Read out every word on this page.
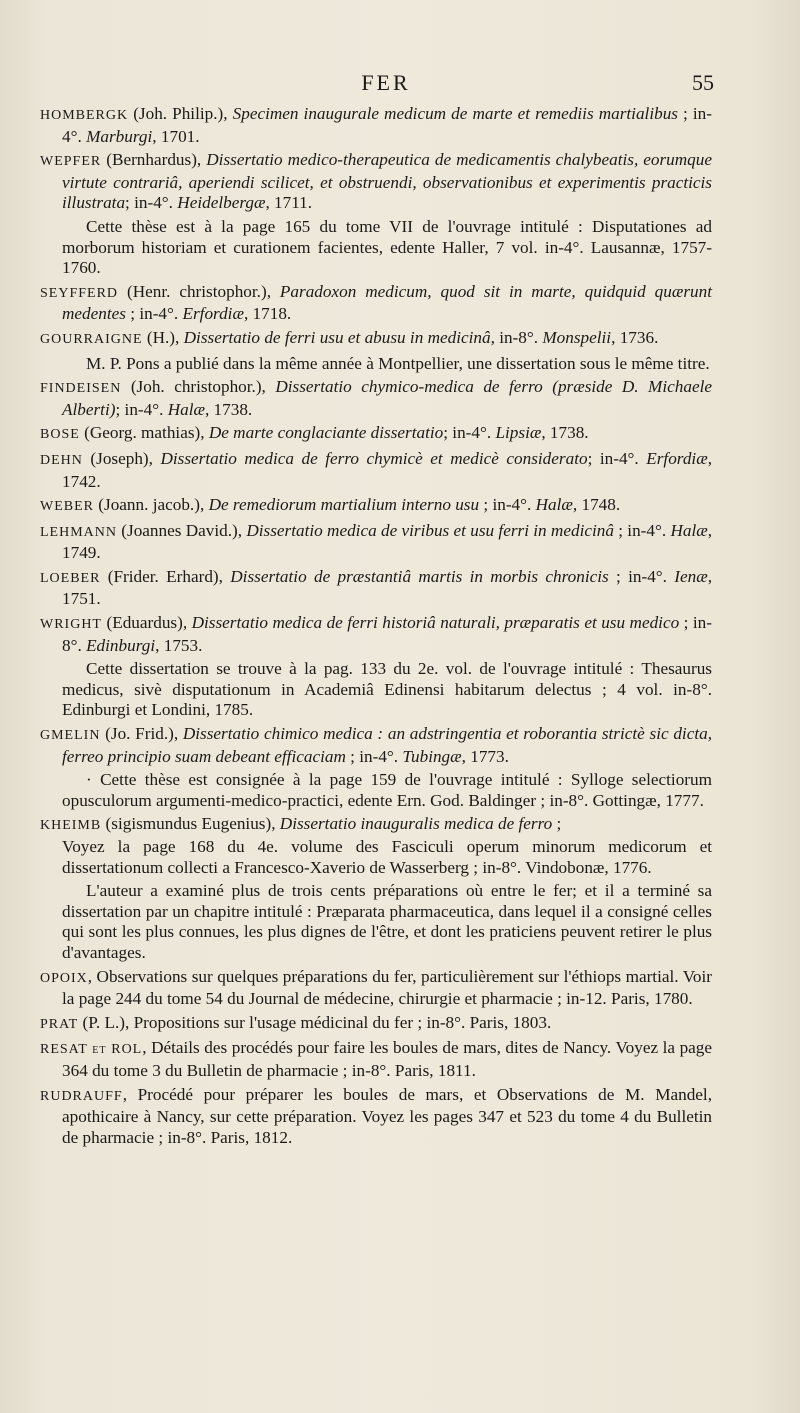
FER	55

HOMBERGK (Joh. Philip.), Specimen inaugurale medicum de marte et remediis martialibus ; in-4°. Marburgi, 1701.

WEPFER (Bernhardus), Dissertatio medico-therapeutica de medicamentis chalybeatis, eorumque virtute contrariâ, aperiendi scilicet, et obstruendi, observationibus et experimentis practicis illustrata; in-4°. Heidelbergæ, 1711.

Cette thèse est à la page 165 du tome VII de l'ouvrage intitulé : Disputationes ad morborum historiam et curationem facientes, edente Haller, 7 vol. in-4°. Lausannæ, 1757-1760.

SEYFFERD (Henr. christophor.), Paradoxon medicum, quod sit in marte, quidquid quærunt medentes ; in-4°. Erfordiæ, 1718.

GOURRAIGNE (H.), Dissertatio de ferri usu et abusu in medicinâ, in-8°. Monspelii, 1736.

M. P. Pons a publié dans la même année à Montpellier, une dissertation sous le même titre.

FINDEISEN (Joh. christophor.), Dissertatio chymico-medica de ferro (præside D. Michaele Alberti); in-4°. Halæ, 1738.

BOSE (Georg. mathias), De marte conglaciante dissertatio; in-4°. Lipsiæ, 1738.

DEHN (Joseph), Dissertatio medica de ferro chymicè et medicè considerato; in-4°. Erfordiæ, 1742.

WEBER (Joann. jacob.), De remediorum martialium interno usu ; in-4°. Halæ, 1748.

LEHMANN (Joannes David.), Dissertatio medica de viribus et usu ferri in medicinâ ; in-4°. Halæ, 1749.

LOEBER (Frider. Erhard), Dissertatio de præstantiâ martis in morbis chronicis ; in-4°. Ienæ, 1751.

WRIGHT (Eduardus), Dissertatio medica de ferri historiâ naturali, præparatis et usu medico ; in-8°. Edinburgi, 1753.

Cette dissertation se trouve à la pag. 133 du 2e. vol. de l'ouvrage intitulé : Thesaurus medicus, sivè disputationum in Academiâ Edinensi habitarum delectus ; 4 vol. in-8°. Edinburgi et Londini, 1785.

GMELIN (Jo. Frid.), Dissertatio chimico medica : an adstringentia et roborantia strictè sic dicta, ferreo principio suam debeant efficaciam ; in-4°. Tubingæ, 1773.

· Cette thèse est consignée à la page 159 de l'ouvrage intitulé : Sylloge selectiorum opusculorum argumenti-medico-practici, edente Ern. God. Baldinger ; in-8°. Gottingæ, 1777.

KHEIMB (sigismundus Eugenius), Dissertatio inauguralis medica de ferro ;
Voyez la page 168 du 4e. volume des Fasciculi operum minorum medicorum et dissertationum collecti a Francesco-Xaverio de Wasserberg ; in-8°. Vindobonæ, 1776.

L'auteur a examiné plus de trois cents préparations où entre le fer; et il a terminé sa dissertation par un chapitre intitulé : Præparata pharmaceutica, dans lequel il a consigné celles qui sont les plus connues, les plus dignes de l'être, et dont les praticiens peuvent retirer le plus d'avantages.

OPOIX, Observations sur quelques préparations du fer, particulièrement sur l'éthiops martial. Voir la page 244 du tome 54 du Journal de médecine, chirurgie et pharmacie ; in-12. Paris, 1780.

PRAT (P. L.), Propositions sur l'usage médicinal du fer ; in-8°. Paris, 1803.

RESAT et ROL, Détails des procédés pour faire les boules de mars, dites de Nancy. Voyez la page 364 du tome 3 du Bulletin de pharmacie ; in-8°. Paris, 1811.

RUDRAUFF, Procédé pour préparer les boules de mars, et Observations de M. Mandel, apothicaire à Nancy, sur cette préparation. Voyez les pages 347 et 523 du tome 4 du Bulletin de pharmacie ; in-8°. Paris, 1812.
